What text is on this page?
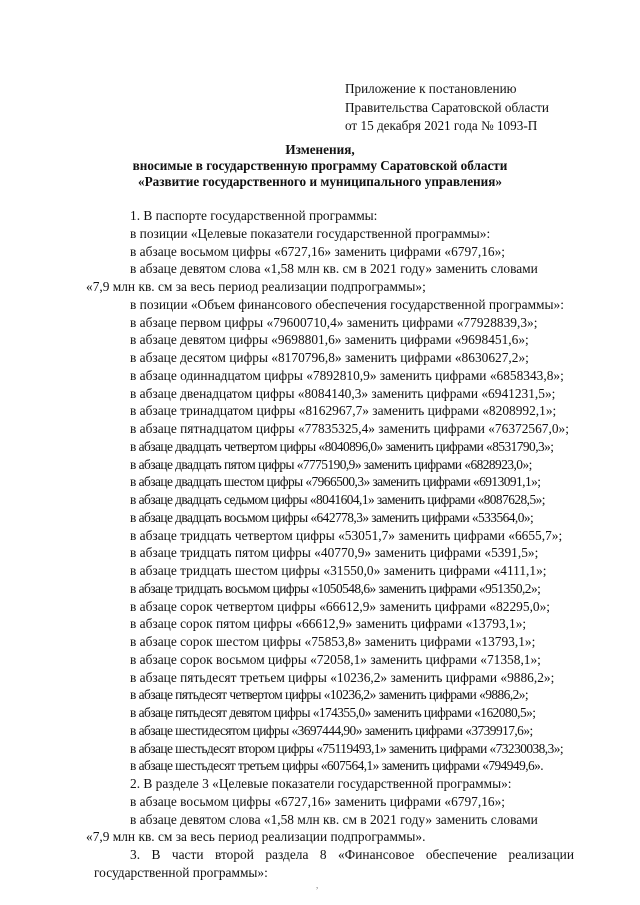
Приложение к постановлению
Правительства Саратовской области
от 15 декабря 2021 года № 1093-П
Изменения,
вносимые в государственную программу Саратовской области
«Развитие государственного и муниципального управления»
1. В паспорте государственной программы:
в позиции «Целевые показатели государственной программы»:
в абзаце восьмом цифры «6727,16» заменить цифрами «6797,16»;
в абзаце девятом слова «1,58 млн кв. см в 2021 году» заменить словами
«7,9 млн кв. см за весь период реализации подпрограммы»;
в позиции «Объем финансового обеспечения государственной программы»:
в абзаце первом цифры «79600710,4» заменить цифрами «77928839,3»;
в абзаце девятом цифры «9698801,6» заменить цифрами «9698451,6»;
в абзаце десятом цифры «8170796,8» заменить цифрами «8630627,2»;
в абзаце одиннадцатом цифры «7892810,9» заменить цифрами «6858343,8»;
в абзаце двенадцатом цифры «8084140,3» заменить цифрами «6941231,5»;
в абзаце тринадцатом цифры «8162967,7» заменить цифрами «8208992,1»;
в абзаце пятнадцатом цифры «77835325,4» заменить цифрами «76372567,0»;
в абзаце двадцать четвертом цифры «8040896,0» заменить цифрами «8531790,3»;
в абзаце двадцать пятом цифры «7775190,9» заменить цифрами «6828923,0»;
в абзаце двадцать шестом цифры «7966500,3» заменить цифрами «6913091,1»;
в абзаце двадцать седьмом цифры «8041604,1» заменить цифрами «8087628,5»;
в абзаце двадцать восьмом цифры «642778,3» заменить цифрами «533564,0»;
в абзаце тридцать четвертом цифры «53051,7» заменить цифрами «6655,7»;
в абзаце тридцать пятом цифры «40770,9» заменить цифрами «5391,5»;
в абзаце тридцать шестом цифры «31550,0» заменить цифрами «4111,1»;
в абзаце тридцать восьмом цифры «1050548,6» заменить цифрами «951350,2»;
в абзаце сорок четвертом цифры «66612,9» заменить цифрами «82295,0»;
в абзаце сорок пятом цифры «66612,9» заменить цифрами «13793,1»;
в абзаце сорок шестом цифры «75853,8» заменить цифрами «13793,1»;
в абзаце сорок восьмом цифры «72058,1» заменить цифрами «71358,1»;
в абзаце пятьдесят третьем цифры «10236,2» заменить цифрами «9886,2»;
в абзаце пятьдесят четвертом цифры «10236,2» заменить цифрами «9886,2»;
в абзаце пятьдесят девятом цифры «174355,0» заменить цифрами «162080,5»;
в абзаце шестидесятом цифры «3697444,90» заменить цифрами «3739917,6»;
в абзаце шестьдесят втором цифры «75119493,1» заменить цифрами «73230038,3»;
в абзаце шестьдесят третьем цифры «607564,1» заменить цифрами «794949,6».
2. В разделе 3 «Целевые показатели государственной программы»:
в абзаце восьмом цифры «6727,16» заменить цифрами «6797,16»;
в абзаце девятом слова «1,58 млн кв. см в 2021 году» заменить словами
«7,9 млн кв. см за весь период реализации подпрограммы».
3. В части второй раздела 8 «Финансовое обеспечение реализации
государственной программы»:
,
